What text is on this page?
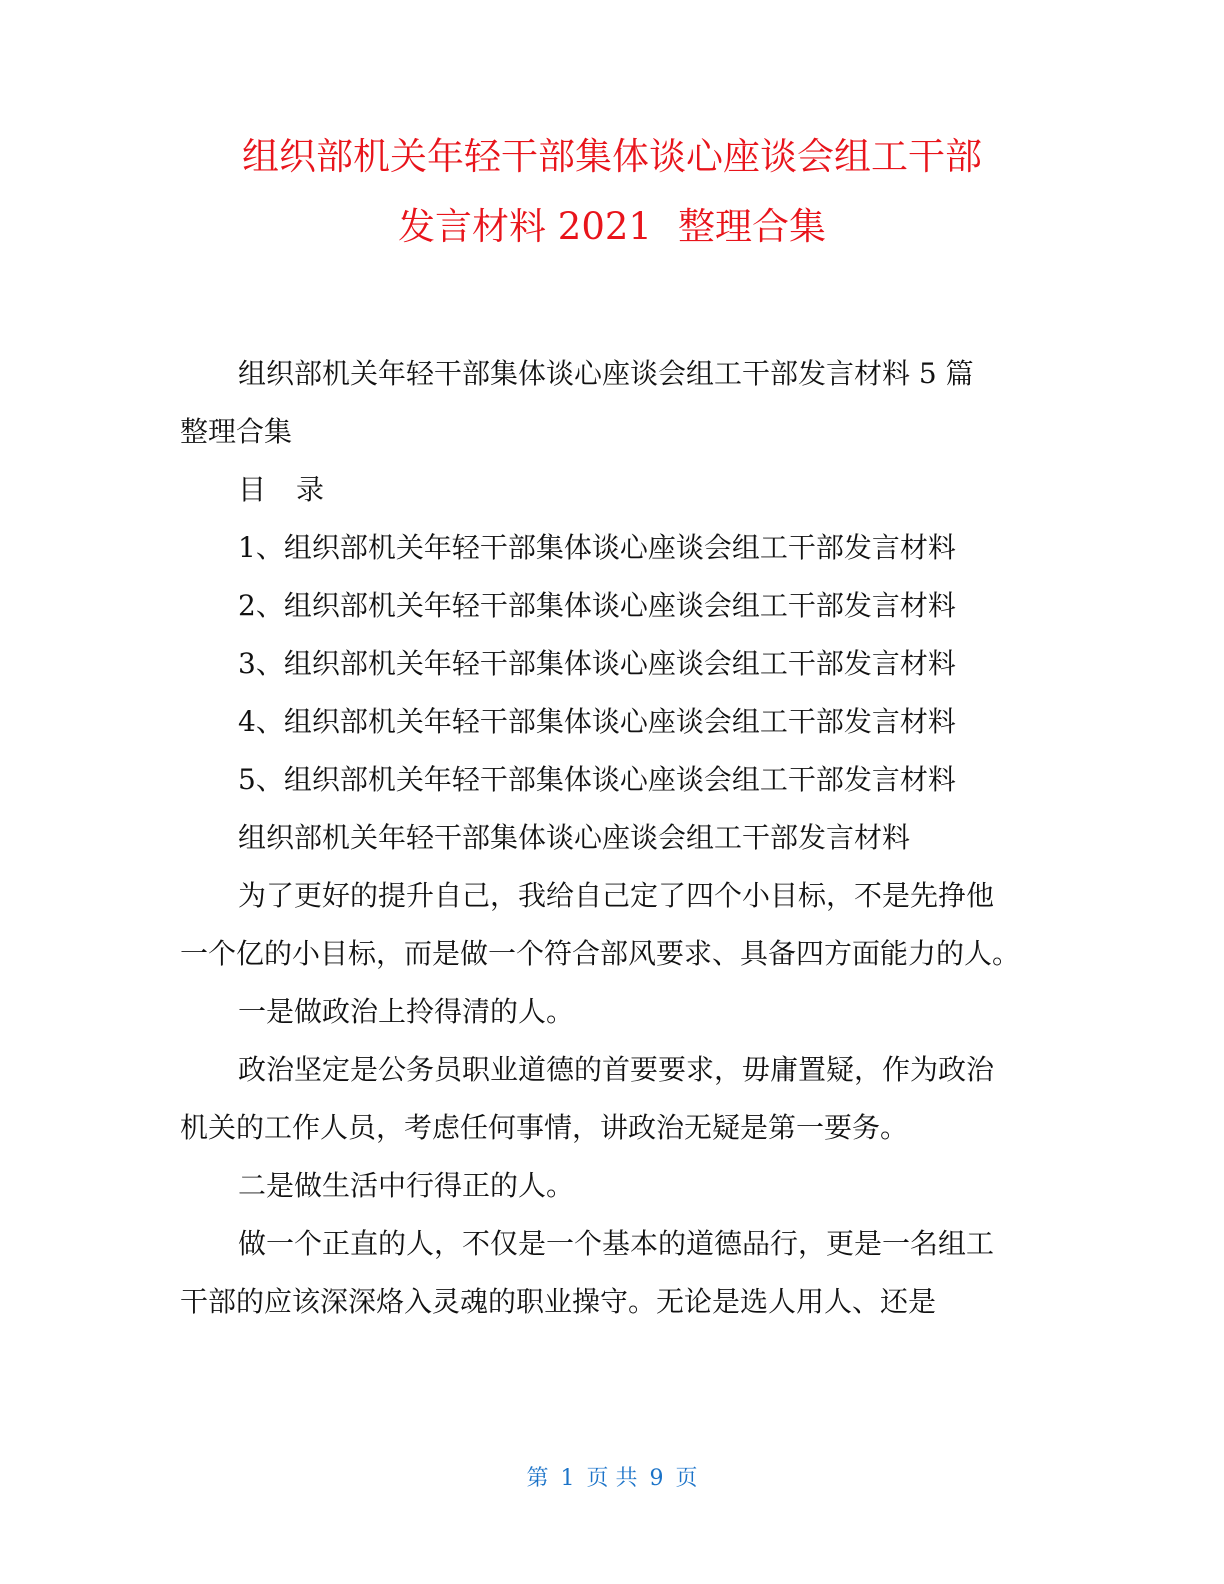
组织部机关年轻干部集体谈心座谈会组工干部
发言材料 2021 整理合集

组织部机关年轻干部集体谈心座谈会组工干部发言材料 5 篇

整理合集

目 录

1、组织部机关年轻干部集体谈心座谈会组工干部发言材料

2、组织部机关年轻干部集体谈心座谈会组工干部发言材料

3、组织部机关年轻干部集体谈心座谈会组工干部发言材料

4、组织部机关年轻干部集体谈心座谈会组工干部发言材料

5、组织部机关年轻干部集体谈心座谈会组工干部发言材料

组织部机关年轻干部集体谈心座谈会组工干部发言材料

为了更好的提升自己，我给自己定了四个小目标，不是先挣他一个亿的小目标，而是做一个符合部风要求、具备四方面能力的人。

一是做政治上拎得清的人。

政治坚定是公务员职业道德的首要要求，毋庸置疑，作为政治机关的工作人员，考虑任何事情，讲政治无疑是第一要务。

二是做生活中行得正的人。

做一个正直的人，不仅是一个基本的道德品行，更是一名组工干部的应该深深烙入灵魂的职业操守。无论是选人用人、还是

第 1 页 共 9 页
